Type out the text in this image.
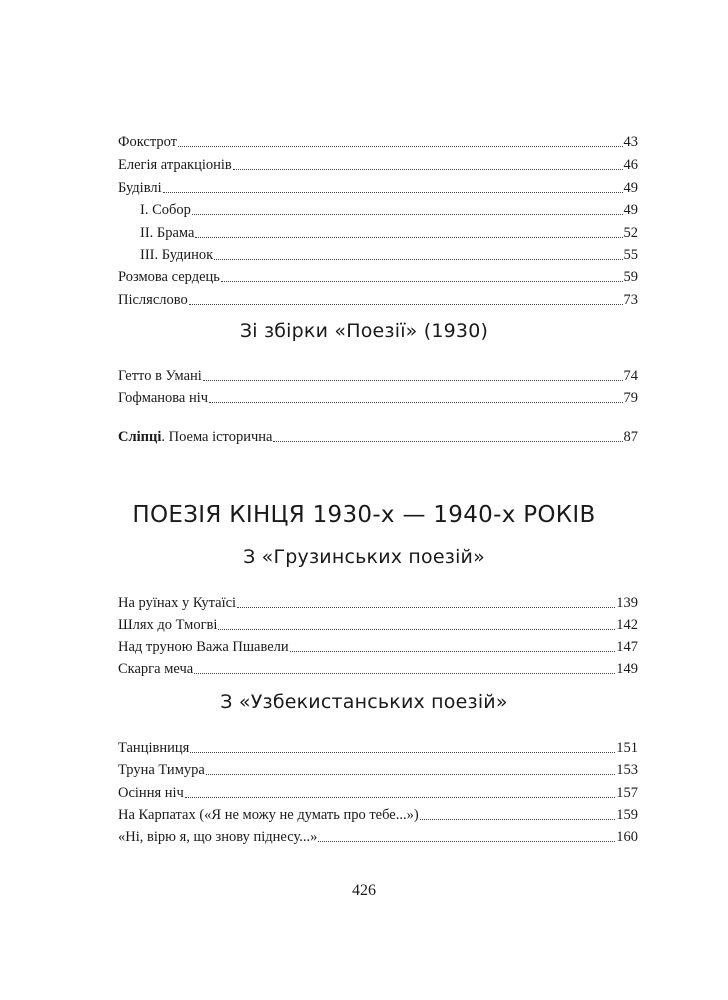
Фокстрот	43
Елегія атракціонів	46
Будівлі	49
I. Собор	49
II. Брама	52
III. Будинок	55
Розмова сердець	59
Післяслово	73
Зі збірки «Поезії» (1930)
Гетто в Умані	74
Гофманова ніч	79
Сліпці. Поема історична	87
ПОЕЗІЯ КІНЦЯ 1930-х — 1940-х РОКІВ
З «Грузинських поезій»
На руїнах у Кутаїсі	139
Шлях до Тмогві	142
Над труною Важа Пшавели	147
Скарга меча	149
З «Узбекистанських поезій»
Танцівниця	151
Труна Тимура	153
Осіння ніч	157
На Карпатах («Я не можу не думать про тебе...»)	159
«Ні, вірю я, що знову піднесу...»	160
426
